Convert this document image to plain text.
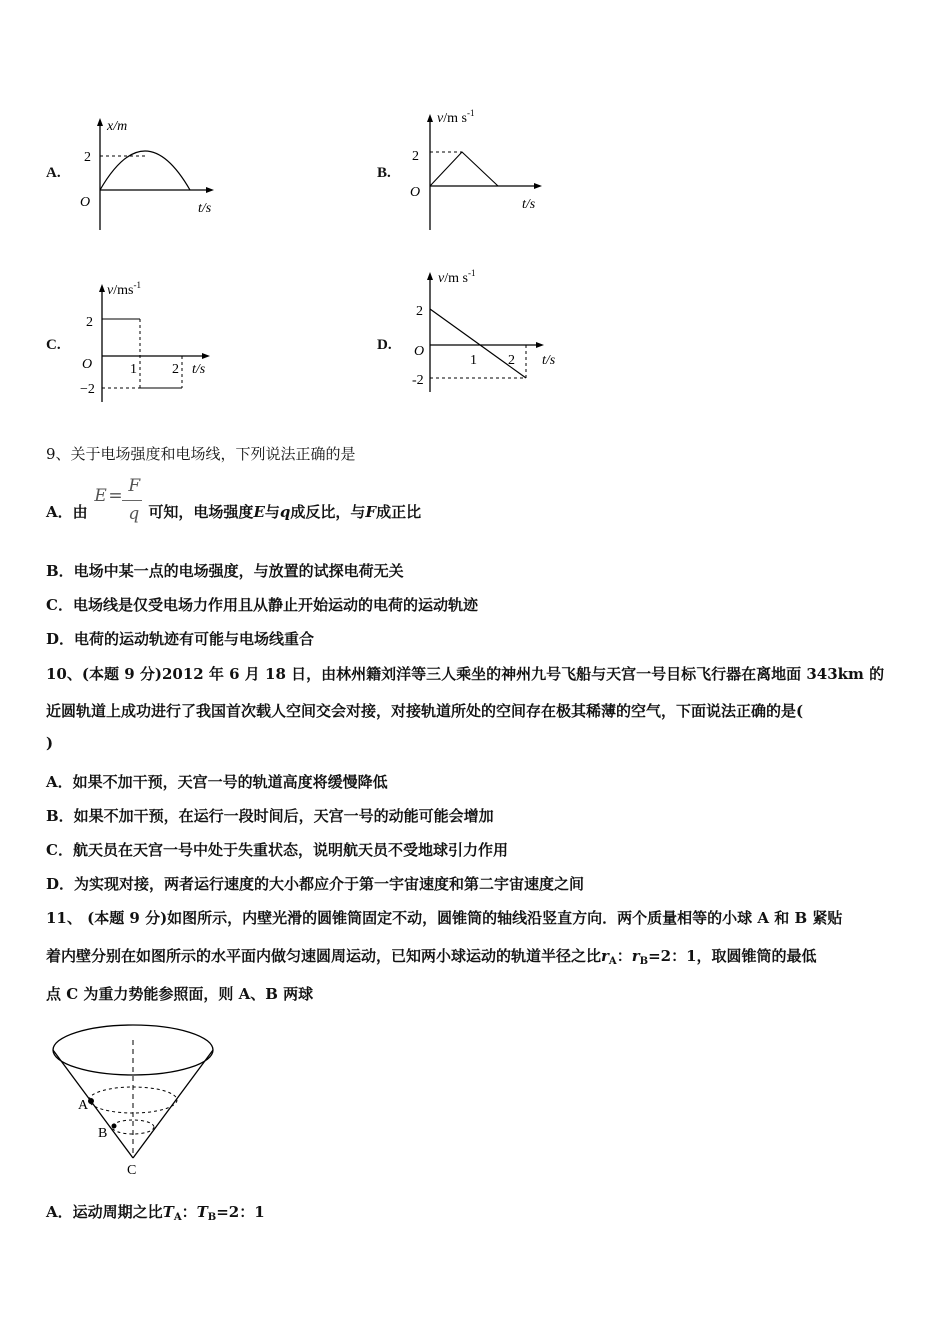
A.	B.
C.	D.
x/m
2
O	t/s
v/m $s^{-1}$
2
O
t/s
$v/ms^{-1}$
2
−2
O	1	2 t/s
v/m $s^{-1}$
2
-2
O
1 2 t/s
9、关于电场强度和电场线，下列说法正确的是
A．由
E = F
q 可知，电场强度E与q成反比，与F成正比
B．电场中某一点的电场强度，与放置的试探电荷无关
C．电场线是仅受电场力作用且从静止开始运动的电荷的运动轨迹
D．电荷的运动轨迹有可能与电场线重合
10、(本题 9 分)2012 年 6 月 18 日，由林州籍刘洋等三人乘坐的神州九号飞船与天宫一号目标飞行器在离地面 343km 的
近圆轨道上成功进行了我国首次载人空间交会对接，对接轨道所处的空间存在极其稀薄的空气，下面说法正确的是(
)
A．如果不加干预，天宫一号的轨道高度将缓慢降低
B．如果不加干预，在运行一段时间后，天宫一号的动能可能会增加
C．航天员在天宫一号中处于失重状态，说明航天员不受地球引力作用
D．为实现对接，两者运行速度的大小都应介于第一宇宙速度和第二宇宙速度之间
11、 (本题 9 分)如图所示，内壁光滑的圆锥筒固定不动，圆锥筒的轴线沿竖直方向．两个质量相等的小球 A 和 B 紧贴
着内壁分别在如图所示的水平面内做匀速圆周运动，已知两小球运动的轨道半径之比$r_A$：$r_B=2$：1，取圆锥筒的最低
点 C 为重力势能参照面，则 A、B 两球
A
B
C
A．运动周期之比$T_A$：$T_B=2$：1
